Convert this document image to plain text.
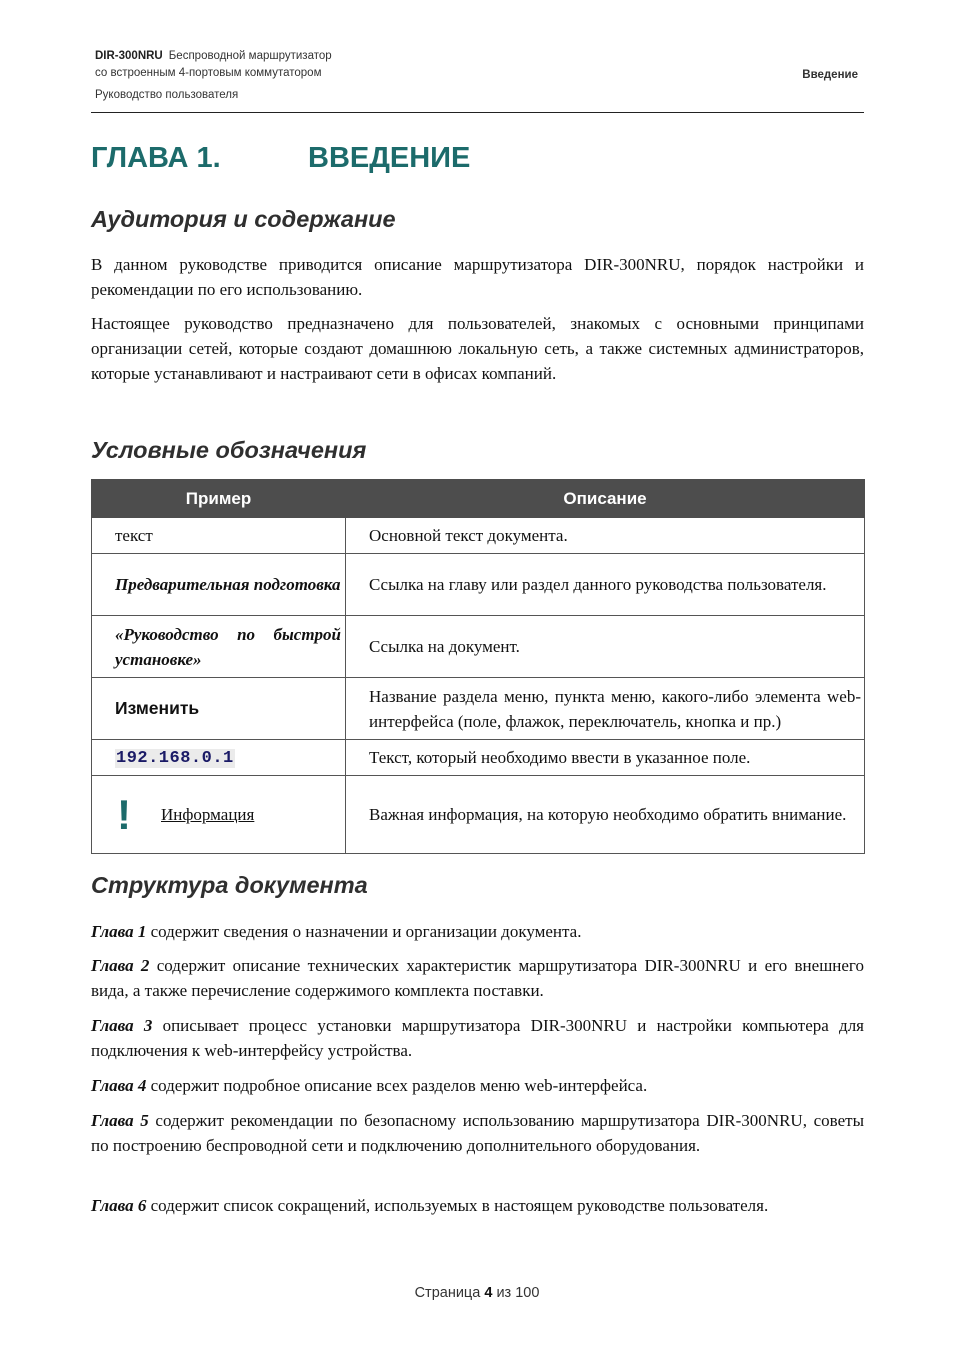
DIR-300NRU Беспроводной маршрутизатор
со встроенным 4-портовым коммутатором
Руководство пользователя
Введение
ГЛАВА 1.	ВВЕДЕНИЕ
Аудитория и содержание

В данном руководстве приводится описание маршрутизатора DIR-300NRU, порядок настройки и рекомендации по его использованию.

Настоящее руководство предназначено для пользователей, знакомых с основными принципами организации сетей, которые создают домашнюю локальную сеть, а также системных администраторов, которые устанавливают и настраивают сети в офисах компаний.

Условные обозначения
Пример	Описание
текст	Основной текст документа.
Предварительная подготовка	Ссылка на главу или раздел данного руководства пользователя.
«Руководство по быстрой установке»	Ссылка на документ.
Изменить	Название раздела меню, пункта меню, какого-либо элемента web-интерфейса (поле, флажок, переключатель, кнопка и пр.)
192.168.0.1	Текст, который необходимо ввести в указанное поле.

! Информация	Важная информация, на которую необходимо обратить внимание.
Структура документа

Глава 1 содержит сведения о назначении и организации документа.

Глава 2 содержит описание технических характеристик маршрутизатора DIR-300NRU и его внешнего вида, а также перечисление содержимого комплекта поставки.

Глава 3 описывает процесс установки маршрутизатора DIR-300NRU и настройки компьютера для подключения к web-интерфейсу устройства.

Глава 4 содержит подробное описание всех разделов меню web-интерфейса.

Глава 5 содержит рекомендации по безопасному использованию маршрутизатора DIR-300NRU, советы по построению беспроводной сети и подключению дополнительного оборудования.

Глава 6 содержит список сокращений, используемых в настоящем руководстве пользователя.

Страница 4 из 100
